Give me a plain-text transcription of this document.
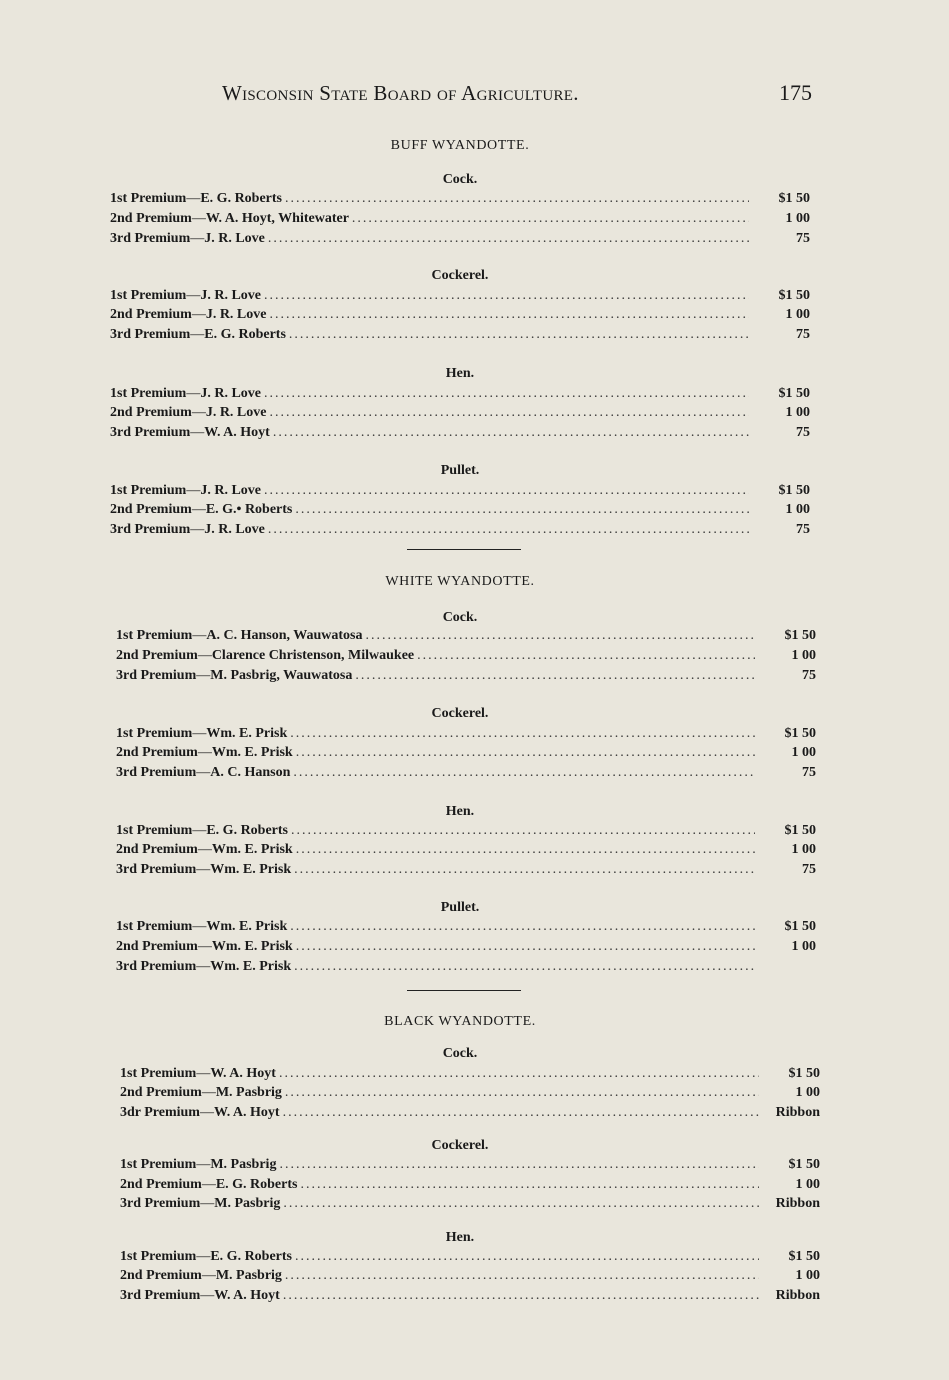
Wisconsin State Board of Agriculture.	175
BUFF WYANDOTTE.
Cock.
1st Premium — E. G. Roberts .....	$1 50
2nd Premium — W. A. Hoyt, Whitewater .....	1 00
3rd Premium — J. R. Love .....	75
Cockerel.
1st Premium — J. R. Love .....	$1 50
2nd Premium — J. R. Love .....	1 00
3rd Premium — E. G. Roberts .....	75
Hen.
1st Premium — J. R. Love .....	$1 50
2nd Premium — J. R. Love .....	1 00
3rd Premium — W. A. Hoyt .....	75
Pullet.
1st Premium — J. R. Love .....	$1 50
2nd Premium — E. G.• Roberts .....	1 00
3rd Premium — J. R. Love .....	75
WHITE WYANDOTTE.
Cock.
1st Premium — A. C. Hanson, Wauwatosa .....	$1 50
2nd Premium — Clarence Christenson, Milwaukee .....	1 00
3rd Premium — M. Pasbrig, Wauwatosa .....	75
Cockerel.
1st Premium — Wm. E. Prisk .....	$1 50
2nd Premium — Wm. E. Prisk .....	1 00
3rd Premium — A. C. Hanson .....	75
Hen.
1st Premium — E. G. Roberts .....	$1 50
2nd Premium — Wm. E. Prisk .....	1 00
3rd Premium — Wm. E. Prisk .....	75
Pullet.
1st Premium — Wm. E. Prisk .....	$1 50
2nd Premium — Wm. E. Prisk .....	1 00
3rd Premium — Wm. E. Prisk
.....
BLACK WYANDOTTE.
Cock.
1st Premium — W. A. Hoyt .....	$1 50
2nd Premium — M. Pasbrig .....	1 00
3dr Premium — W. A. Hoyt .....	Ribbon
Cockerel.
1st Premium — M. Pasbrig .....	$1 50
2nd Premium — E. G. Roberts .....	1 00
3rd Premium — M. Pasbrig .....	Ribbon
Hen.
1st Premium — E. G. Roberts .....	$1 50
2nd Premium — M. Pasbrig .....	1 00
3rd Premium — W. A. Hoyt .....	Ribbon
